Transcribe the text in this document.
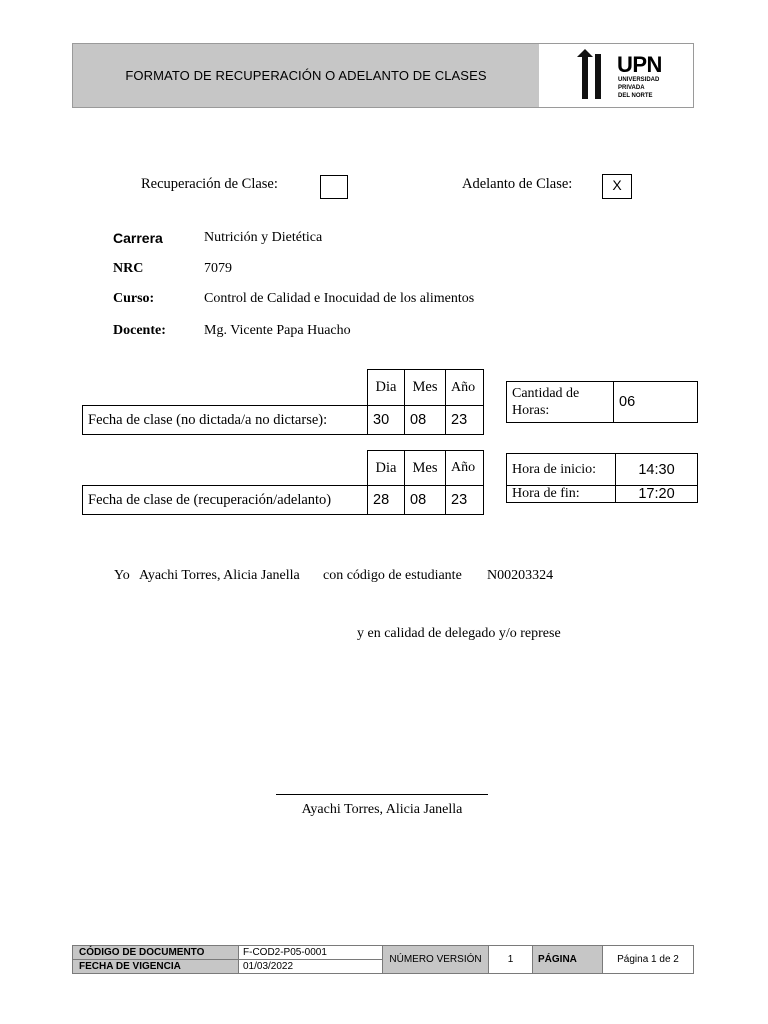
FORMATO DE RECUPERACIÓN O ADELANTO DE CLASES	UPN
UNIVERSIDAD
PRIVADA
DEL NORTE
Recuperación de Clase:	Adelanto de Clase:	X
Carrera	Nutrición y Dietética
NRC	7079
Curso:	Control de Calidad e Inocuidad de los alimentos
Docente:	Mg. Vicente Papa Huacho
	Dia	Mes	Año
Fecha de clase (no dictada/a no dictarse):	30	08	23
Cantidad de Horas:	06
	Dia	Mes	Año
Fecha de clase de (recuperación/adelanto)	28	08	23
Hora de inicio:	14:30
Hora de fin:	17:20
Yo Ayachi Torres, Alicia Janella con código de estudiante N00203324
y en calidad de delegado y/o represe
Ayachi Torres, Alicia Janella
CÓDIGO DE DOCUMENTO	F-COD2-P05-0001
FECHA DE VIGENCIA	01/03/2022
NÚMERO VERSIÓN	1	PÁGINA	Página 1 de 2
